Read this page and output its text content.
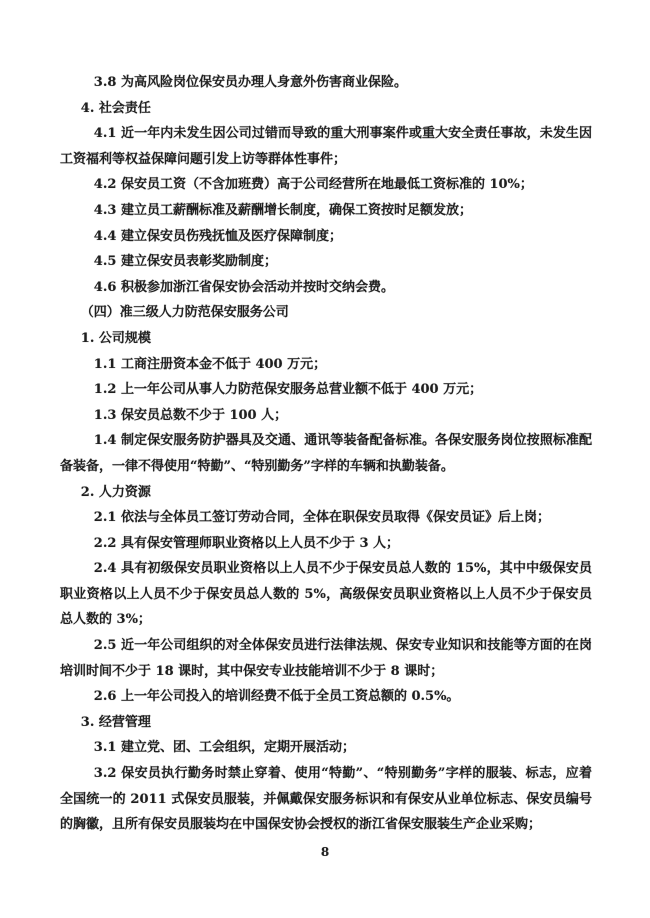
3.8 为高风险岗位保安员办理人身意外伤害商业保险。
4. 社会责任
4.1 近一年内未发生因公司过错而导致的重大刑事案件或重大安全责任事故，未发生因工资福利等权益保障问题引发上访等群体性事件；
4.2 保安员工资（不含加班费）高于公司经营所在地最低工资标准的 10%；
4.3 建立员工薪酬标准及薪酬增长制度，确保工资按时足额发放；
4.4 建立保安员伤残抚恤及医疗保障制度；
4.5 建立保安员表彰奖励制度；
4.6 积极参加浙江省保安协会活动并按时交纳会费。
（四）准三级人力防范保安服务公司
1. 公司规模
1.1 工商注册资本金不低于 400 万元；
1.2 上一年公司从事人力防范保安服务总营业额不低于 400 万元；
1.3 保安员总数不少于 100 人；
1.4 制定保安服务防护器具及交通、通讯等装备配备标准。各保安服务岗位按照标准配备装备，一律不得使用“特勤”、“特别勤务”字样的车辆和执勤装备。
2. 人力资源
2.1 依法与全体员工签订劳动合同，全体在职保安员取得《保安员证》后上岗；
2.2 具有保安管理师职业资格以上人员不少于 3 人；
2.4 具有初级保安员职业资格以上人员不少于保安员总人数的 15%，其中中级保安员职业资格以上人员不少于保安员总人数的 5%，高级保安员职业资格以上人员不少于保安员总人数的 3%；
2.5 近一年公司组织的对全体保安员进行法律法规、保安专业知识和技能等方面的在岗培训时间不少于 18 课时，其中保安专业技能培训不少于 8 课时；
2.6 上一年公司投入的培训经费不低于全员工资总额的 0.5%。
3. 经营管理
3.1 建立党、团、工会组织，定期开展活动；
3.2 保安员执行勤务时禁止穿着、使用“特勤”、“特别勤务”字样的服装、标志，应着全国统一的 2011 式保安员服装，并佩戴保安服务标识和有保安从业单位标志、保安员编号的胸徽，且所有保安员服装均在中国保安协会授权的浙江省保安服装生产企业采购；
8
